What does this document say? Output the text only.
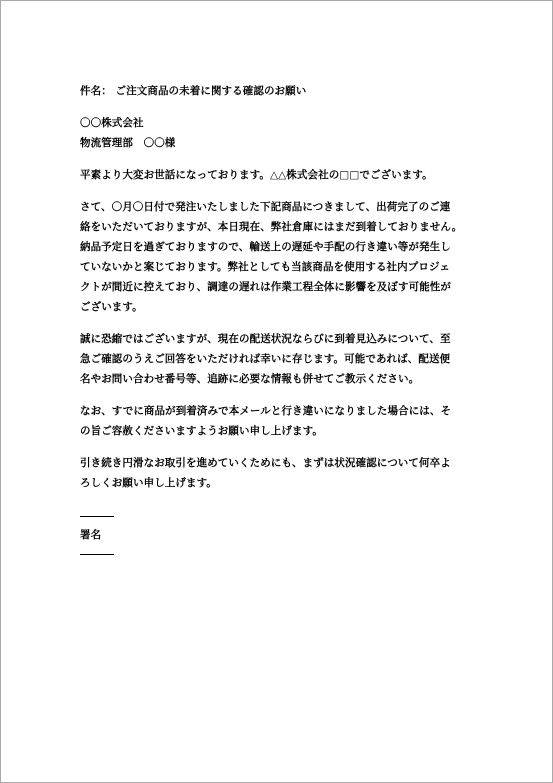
件名： ご注文商品の未着に関する確認のお願い
〇〇株式会社
物流管理部　〇〇様
平素より大変お世話になっております。△△株式会社の□□でございます。
さて、〇月〇日付で発注いたしました下記商品につきまして、出荷完了のご連
絡をいただいておりますが、本日現在、弊社倉庫にはまだ到着しておりません。
納品予定日を過ぎておりますので、輸送上の遅延や手配の行き違い等が発生し
ていないかと案じております。弊社としても当該商品を使用する社内プロジェ
クトが間近に控えており、調達の遅れは作業工程全体に影響を及ぼす可能性が
ございます。
誠に恐縮ではございますが、現在の配送状況ならびに到着見込みについて、至
急ご確認のうえご回答をいただければ幸いに存じます。可能であれば、配送便
名やお問い合わせ番号等、追跡に必要な情報も併せてご教示ください。
なお、すでに商品が到着済みで本メールと行き違いになりました場合には、そ
の旨ご容赦くださいますようお願い申し上げます。
引き続き円滑なお取引を進めていくためにも、まずは状況確認について何卒よ
ろしくお願い申し上げます。
署名
